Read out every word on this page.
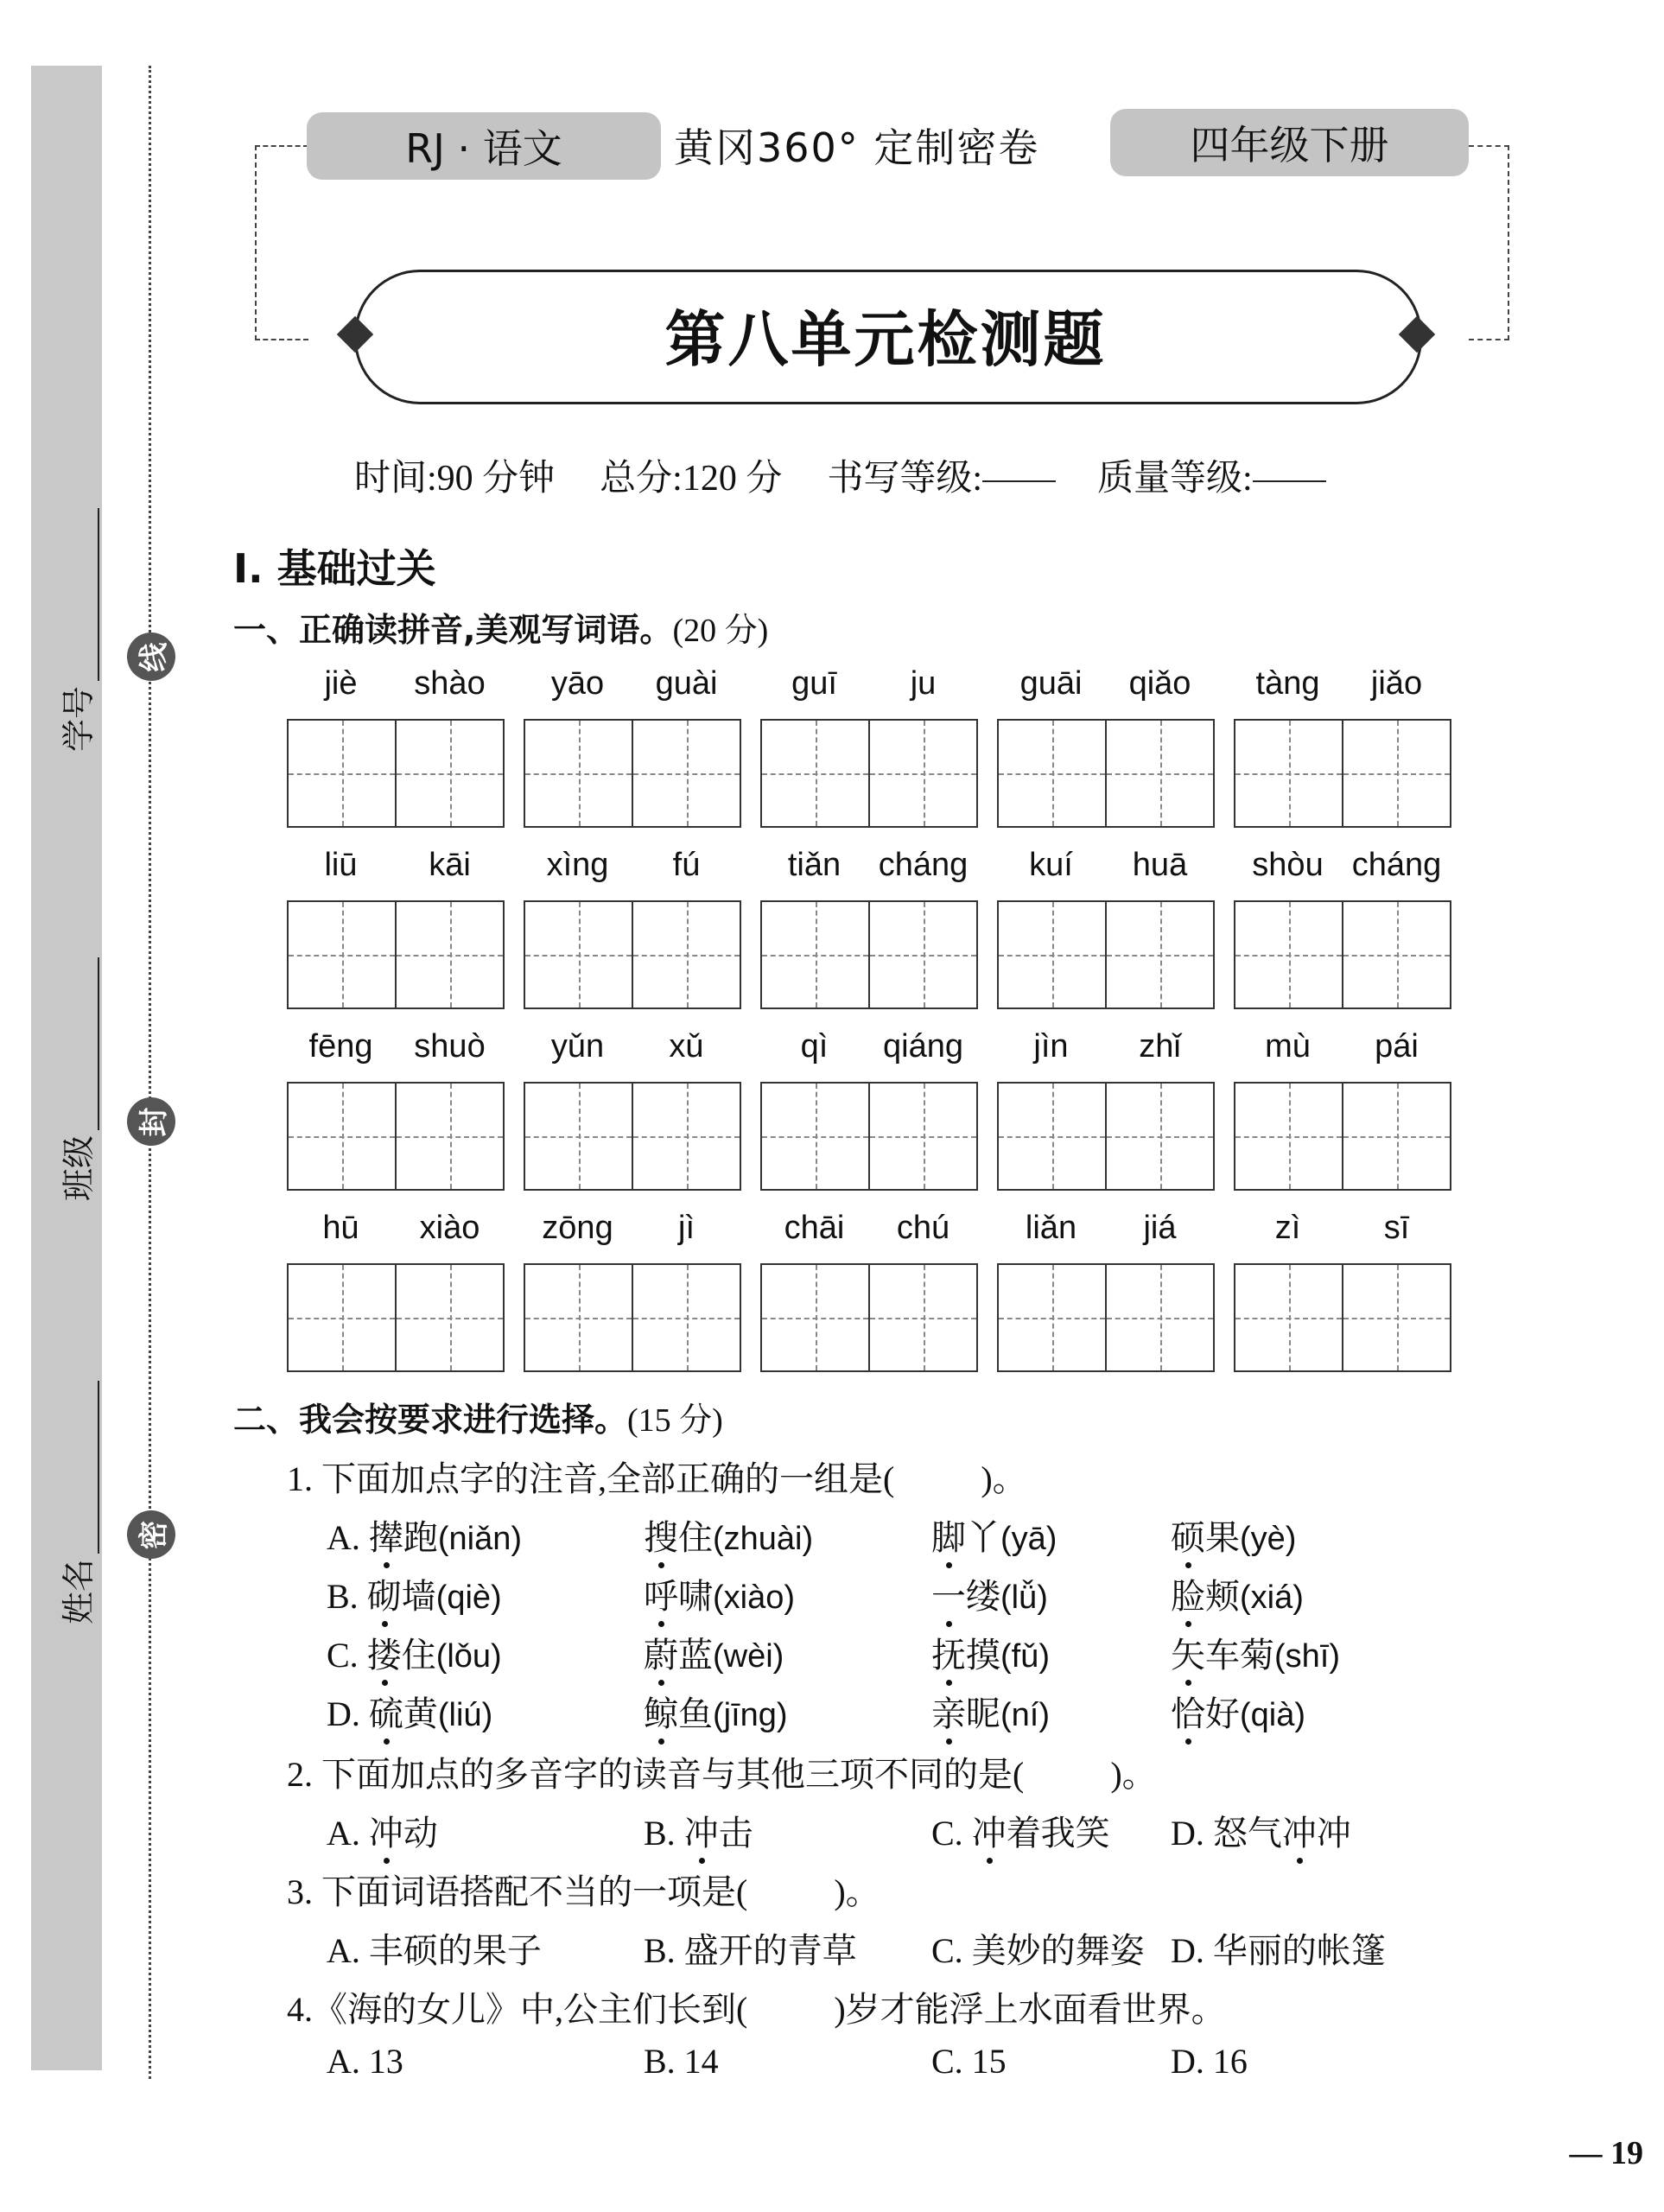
学号
班级
姓名
线
封
密
RJ · 语文	黄冈360° 定制密卷	四年级下册
第八单元检测题
时间:90 分钟 总分:120 分 书写等级:	质量等级:
Ⅰ. 基础过关
一、正确读拼音,美观写词语。(20 分)
jiè	shào	yāo	guài	guī	ju	guāi	qiǎo	tàng	jiǎo
liū	kāi	xìng	fú	tiǎn	cháng	kuí	huā	shòu cháng
fēng	shuò	yǔn	xǔ	qì	qiáng	jìn	zhǐ	mù	pái
hū	xiào	zōng	jì	chāi	chú	liǎn	jiá	zì	sī
二、我会按要求进行选择。(15 分)
1. 下面加点字的注音,全部正确的一组是(	)。
A. 撵跑(niǎn)	搜住(zhuài)	脚丫(yā)	硕果(yè)
B. 砌墙(qiè)	呼啸(xiào)	一缕(lǚ)	脸颊(xiá)
C. 搂住(lǒu)	蔚蓝(wèi)	抚摸(fǔ)	矢车菊(shī)
D. 硫黄(liú)	鲸鱼(jīng)	亲昵(ní)	恰好(qià)
2. 下面加点的多音字的读音与其他三项不同的是(	)。
A. 冲动	B. 冲击	C. 冲着我笑 D. 怒气冲冲
3. 下面词语搭配不当的一项是(	)。
A. 丰硕的果子	B. 盛开的青草 C. 美妙的舞姿 D. 华丽的帐篷
4.《海的女儿》中,公主们长到(	)岁才能浮上水面看世界。
A. 13	B. 14	C. 15	D. 16
— 19
